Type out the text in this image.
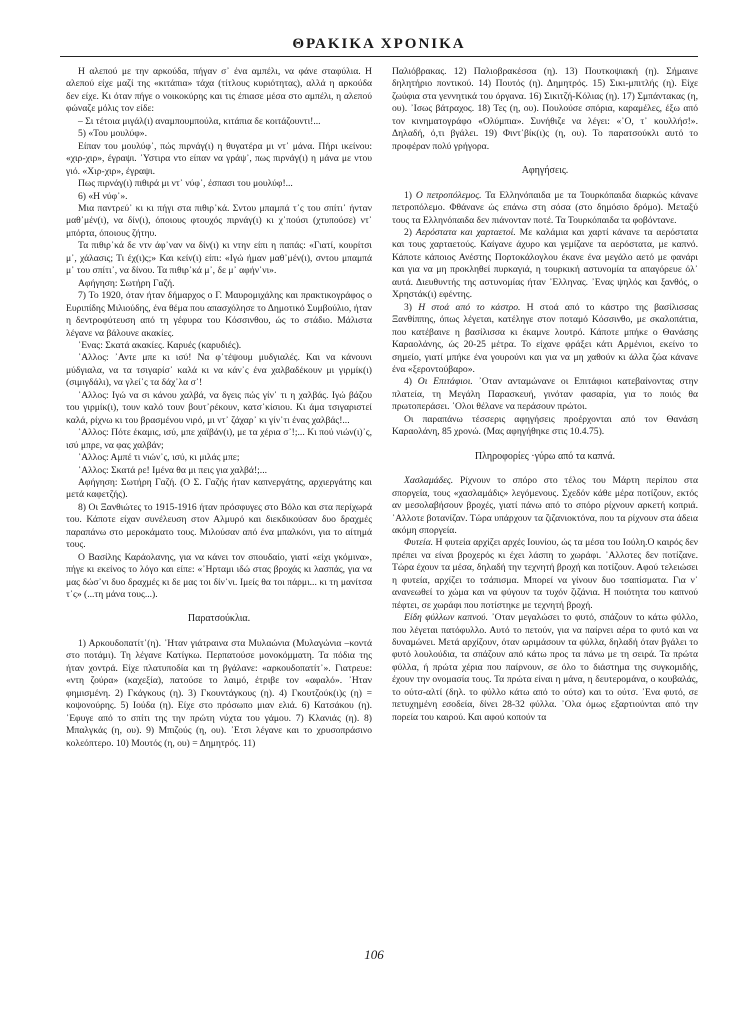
ΘΡΑΚΙΚΑ ΧΡΟΝΙΚΑ

Η αλεπού με την αρκούδα, πήγαν σ᾽ ένα αμπέλι, να φάνε σταφύλια. Η αλεπού είχε μαζί της «κιτάπια» τάχα (τίτλους κυριότητας), αλλά η αρκούδα δεν είχε. Κι όταν πήγε ο νοικοκύρης και τις έπιασε μέσα στο αμπέλι, η αλεπού φώναζε μόλις τον είδε:

– Σι τέτοια μιγάλ(ι) αναμπουμπούλα, κιτάπια δε κοιτάζουντι!...

5) «Του μουλύφ».

Είπαν του μουλύφ᾽, πώς πιρνάγ(ι) η θυγατέρα μι ντ᾽ μάνα. Πήρι ικείνου: «χιρ-χιρ», έγραψι. ᾽Υστιρα ντο είπαν να γράψ᾽, πως πιρνάγ(ι) η μάνα με ντου γιό. «Χιρ-χιρ», έγραψι.

Πως πιρνάγ(ι) πιθιρά μι ντ᾽ νύφ᾽, έσπασι του μουλύφ!...

6) «Η νύφ᾽».

Μια παντρεύ᾽ κι κι πήγι στα πιθιρ᾽κά. Σντου μπαμπά τ᾽ς του σπίτι᾽ ήνταν μαθ᾽μέν(ι), να δίν(ι), όποιους φτουχός πιρνάγ(ι) κι χ᾽πούσι (χτυπούσε) ντ᾽ μπόρτα, όποιους ζήτηυ.

Τα πιθιρ᾽κά δε ντν άφ᾽ναν να δίν(ι) κι ντην είπι η παπάς: «Γιατί, κουρίτσι μ᾽, χάλασις; Τι έχ(ι)ς;» Και κείν(ι) είπι: «Ιγώ ήμαν μαθ᾽μέν(ι), σντου μπαμπά μ᾽ του σπίτι᾽, να δίνου. Τα πιθιρ᾽κά μ᾽, δε μ᾽ αφήν᾽νι».

Αφήγηση: Σωτήρη Γαζή.

7) Το 1920, όταν ήταν δήμαρχος ο Γ. Μαυρομιχάλης και πρακτικογράφος ο Ευριπίδης Μιλιούδης, ένα θέμα που απασχόλησε το Δημοτικό Συμβούλιο, ήταν η δεντροφύτευση από τη γέφυρα του Κόσσινθου, ώς το στάδιο. Μάλιστα λέγανε να βάλουνε ακακίες.

᾽Ενας: Σκατά ακακίες. Καρυές (καρυδιές).

᾽Αλλος: ᾽Αντε μπε κι ισύ! Να φ᾽τέψουμ μυδγιαλές. Και να κάνουνι μύδγιαλα, να τα τσιγαρίσ᾽ καλά κι να κάν᾽ς ένα χαλβαδέκουν μι γιρμίκ(ι) (σιμιγδάλι), να γλεί᾽ς τα δάχ᾽λα σ᾽!

᾽Αλλος: Ιγώ να σι κάνου χαλβά, να δγεις πώς γίν᾽ τι η χαλβάς. Ιγώ βάζου του γιρμίκ(ι), τουν καλό τουν βουτ᾽ρέκουν, κατσ᾽κίσιου. Κι άμα τσιγαριστεί καλά, ρίχνω κι του βρασμένου νιρό, μι ντ᾽ ζάχαρ᾽ κι γίν᾽τι ένας χαλβάς!...

᾽Αλλος: Πότε έκαμις, ισύ, μπε χαϊβάν(ι), με τα χέρια σ᾽!;... Κι πού νιών(ι)᾽ς, ισύ μπρε, να φας χαλβάν;

᾽Αλλος: Αμπέ τι νιών᾽ς, ισύ, κι μιλάς μπε;

᾽Αλλος: Σκατά ρε! Ιμένα θα μι πεις για χαλβά!;...

Αφήγηση: Σωτήρη Γαζή. (Ο Σ. Γαζής ήταν καπνεργάτης, αρχιεργάτης και μετά καφετζής).

8) Οι Ξανθιώτες το 1915-1916 ήταν πρόσφυγες στο Βόλο και στα περίχωρά του. Κάποτε είχαν συνέλευση στον Αλμυρό και διεκδικούσαν δυο δραχμές παραπάνω στο μεροκάματο τους. Μιλούσαν από ένα μπαλκόνι, για το αίτημά τους.

Ο Βασίλης Καράολανης, για να κάνει τον σπουδαίο, γιατί «είχι γκόμινα», πήγε κι εκείνος το λόγο και είπε: «᾽Ηρταμι ιδώ στας βροχάς κι λασπάς, για να μας δώσ᾽νι δυο δραχμές κι δε μας τοι δίν᾽νι. Ιμείς θα τοι πάρμι... κι τη μανίτσα τ᾽ς» (...τη μάνα τους...).

Παρατσούκλια.

1) Αρκουδοπατίτ᾽(η). ᾽Ηταν γιάτραινα στα Μυλαώνια (Μυλαγώνια –κοντά στο ποτάμι). Τη λέγανε Κατίγκω. Περπατούσε μονοκόμματη. Τα πόδια της ήταν χοντρά. Είχε πλατυποδία και τη βγάλανε: «αρκουδοπατίτ᾽». Γιατρευε: «ντη ζούρα» (καχεξία), πατούσε το λαιμό, έτριβε τον «αφαλό». ᾽Ηταν φημισμένη. 2) Γκάγκους (η). 3) Γκουντάγκους (η). 4) Γκουτζούκ(ι)ς (η) = κοψονούρης. 5) Ιούδα (η). Είχε στο πρόσωπο μιαν ελιά. 6) Κατσάκου (η). ᾽Εφυγε από το σπίτι της την πρώτη νύχτα του γάμου. 7) Κλανιάς (η). 8) Μπαλγκάς (η, ου). 9) Μπιζούς (η, ου). ᾽Ετσι λέγανε και το χρυσοπράσινο κολεόπτερο. 10) Μουτός (η, ου) = Δημητρός. 11)

Παλιόβρακας. 12) Παλιοβρακέσσα (η). 13) Πουτκοψιακή (η). Σήμαινε δηλητήριο ποντικού. 14) Πουτός (η). Δημητρός. 15) Σικι-μπιτλής (η). Είχε ζωύφια στα γεννητικά του όργανα. 16) Σικιτζή-Κόλιας (η). 17) Σμπάντακας (η, ου). ᾽Ισως βάτραχος. 18) Τες (η, ου). Πουλούσε σπόρια, καραμέλες, έξω από τον κινηματογράφο «Ολύμπια». Συνήθιζε να λέγει: «᾽Ο, τ᾽ κουλλήσ!». Δηλαδή, ό,τι βγάλει. 19) Φιντ᾽βίκ(ι)ς (η, ου). Το παρατσούκλι αυτό το προφέραν πολύ γρήγορα.

Αφηγήσεις.

1) Ο πετροπόλεμος. Τα Ελληνόπαιδα με τα Τουρκόπαιδα διαρκώς κάνανε πετροπόλεμο. Φθάνανε ώς επάνω στη σόσα (στο δημόσιο δρόμο). Μεταξύ τους τα Ελληνόπαιδα δεν πιάνονταν ποτέ. Τα Τουρκόπαιδα τα φοβόντανε.

2) Αερόστατα και χαρταετοί. Με καλάμια και χαρτί κάνανε τα αερόστατα και τους χαρταετούς. Καίγανε άχυρο και γεμίζανε τα αερόστατα, με καπνό. Κάποτε κάποιος Ανέστης Πορτοκάλογλου έκανε ένα μεγάλο αετό με φανάρι και για να μη προκληθεί πυρκαγιά, η τουρκική αστυνομία τα απαγόρευε όλ᾽ αυτά. Διευθυντής της αστυνομίας ήταν ᾽Ελληνας. ᾽Ενας ψηλός και ξανθός, ο Χρηστάκ(ι) εφέντης.

3) Η στοά από το κάστρο. Η στοά από το κάστρο της βασίλισσας Ξανθίππης, όπως λέγεται, κατέληγε στον ποταμό Κόσσινθο, με σκαλοπάτια, που κατέβαινε η βασίλισσα κι έκαμνε λουτρό. Κάποτε μπήκε ο Θανάσης Καραολάνης, ώς 20-25 μέτρα. Το είχανε φράξει κάτι Αρμένιοι, εκείνο το σημείο, γιατί μπήκε ένα γουρούνι και για να μη χαθούν κι άλλα ζώα κάνανε ένα «ξεροντούβαρο».

4) Οι Επιτάφιοι. ᾽Οταν ανταμώνανε οι Επιτάφιοι κατεβαίνοντας στην πλατεία, τη Μεγάλη Παρασκευή, γινόταν φασαρία, για το ποιός θα πρωτοπεράσει. ᾽Ολοι θέλανε να περάσουν πρώτοι.

Οι παραπάνω τέσσερις αφηγήσεις προέρχονται από τον Θανάση Καραολάνη, 85 χρονώ. (Μας αφηγήθηκε στις 10.4.75).

Πληροφορίες ·γύρω από τα καπνά.

Χασλαμάδες. Ρίχνουν το σπόρο στο τέλος του Μάρτη περίπου στα σποργεία, τους «χασλαμάδις» λεγόμενους. Σχεδόν κάθε μέρα ποτίζουν, εκτός αν μεσολαβήσουν βροχές, γιατί πάνω από το σπόρο ρίχνουν αρκετή κοπριά. ᾽Αλλοτε βοτανίζαν. Τώρα υπάρχουν τα ζιζανιοκτόνα, που τα ρίχνουν στα άδεια ακόμη σποργεία.

Φυτεία. Η φυτεία αρχίζει αρχές Ιουνίου, ώς τα μέσα του Ιούλη.Ο καιρός δεν πρέπει να είναι βροχερός κι έχει λάσπη το χωράφι. ᾽Αλλοτες δεν ποτίζανε. Τώρα έχουν τα μέσα, δηλαδή την τεχνητή βροχή και ποτίζουν. Αφού τελειώσει η φυτεία, αρχίζει το τσάπισμα. Μπορεί να γίνουν δυο τσαπίσματα. Για ν᾽ ανανεωθεί το χώμα και να φύγουν τα τυχόν ζιζάνια. Η ποιότητα του καπνού πέφτει, σε χωράφι που ποτίστηκε με τεχνητή βροχή.

Είδη φύλλων καπνού. ᾽Οταν μεγαλώσει το φυτό, σπάζουν το κάτω φύλλο, που λέγεται πατόφυλλο. Αυτό το πετούν, για να παίρνει αέρα το φυτό και να δυναμώνει. Μετά αρχίζουν, όταν ωριμάσουν τα φύλλα, δηλαδή όταν βγάλει το φυτό λουλούδια, τα σπάζουν από κάτω προς τα πάνω με τη σειρά. Τα πρώτα φύλλα, ή πρώτα χέρια που παίρνουν, σε όλο το διάστημα της συγκομιδής, έχουν την ονομασία τους. Τα πρώτα είναι η μάνα, η δευτερομάνα, ο κουβαλάς, το ούτσ-αλτί (δηλ. το φύλλο κάτω από το ούτσ) και το ούτσ. ᾽Ενα φυτό, σε πετυχημένη εσοδεία, δίνει 28-32 φύλλα. ᾽Ολα όμως εξαρτιούνται από την πορεία του καιρού. Και αφού κοπούν τα

106
